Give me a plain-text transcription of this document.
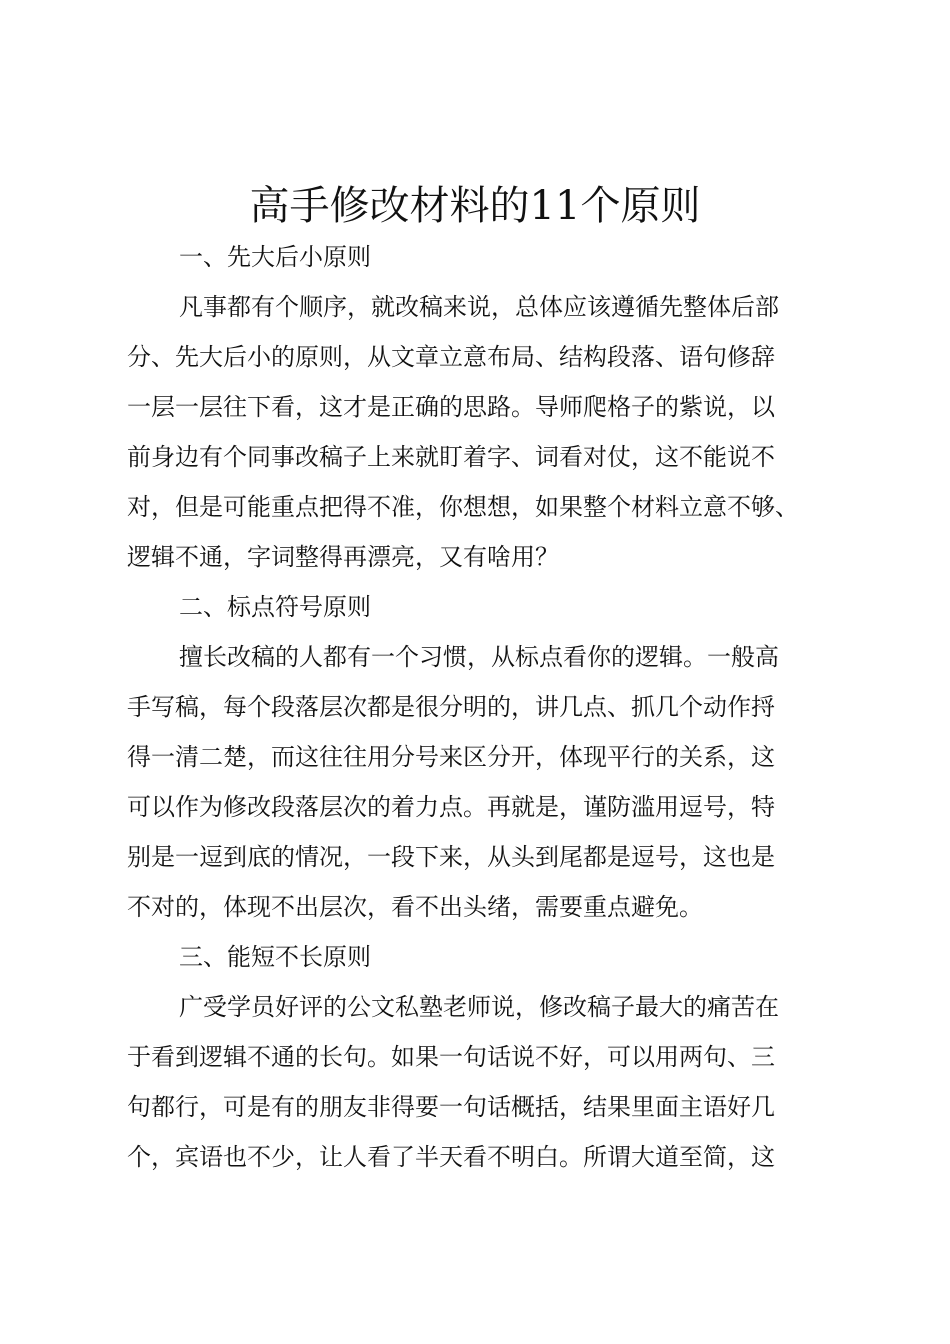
高手修改材料的11个原则
一、先大后小原则
凡事都有个顺序，就改稿来说，总体应该遵循先整体后部
分、先大后小的原则，从文章立意布局、结构段落、语句修辞
一层一层往下看，这才是正确的思路。导师爬格子的紫说，以
前身边有个同事改稿子上来就盯着字、词看对仗，这不能说不
对，但是可能重点把得不准，你想想，如果整个材料立意不够、
逻辑不通，字词整得再漂亮，又有啥用？
二、标点符号原则
擅长改稿的人都有一个习惯，从标点看你的逻辑。一般高
手写稿，每个段落层次都是很分明的，讲几点、抓几个动作捋
得一清二楚，而这往往用分号来区分开，体现平行的关系，这
可以作为修改段落层次的着力点。再就是，谨防滥用逗号，特
别是一逗到底的情况，一段下来，从头到尾都是逗号，这也是
不对的，体现不出层次，看不出头绪，需要重点避免。
三、能短不长原则
广受学员好评的公文私塾老师说，修改稿子最大的痛苦在
于看到逻辑不通的长句。如果一句话说不好，可以用两句、三
句都行，可是有的朋友非得要一句话概括，结果里面主语好几
个，宾语也不少，让人看了半天看不明白。所谓大道至简，这
